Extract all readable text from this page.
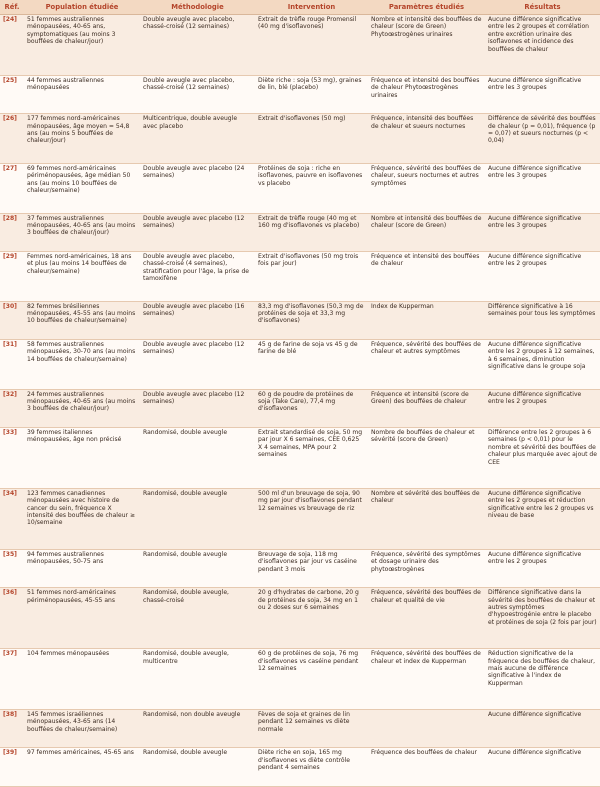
Réf.	Population étudiée	Méthodologie	Intervention	Paramètres étudiés	Résultats
[24]	51 femmes australiennes ménopausées, 40-65 ans, symptomatiques (au moins 3 bouffées de chaleur/jour)	Double aveugle avec placebo, chassé-croisé (12 semaines)	Extrait de trèfle rouge Promensil (40 mg d'isoflavones)	Nombre et intensité des bouffées de chaleur (score de Green) Phytoœstrogènes urinaires	Aucune différence significative entre les 2 groupes et corrélation entre excrétion urinaire des isoflavones et incidence des bouffées de chaleur
[25]	44 femmes australiennes ménopausées	Double aveugle avec placebo, chassé-croisé (12 semaines)	Diète riche : soja (53 mg), graines de lin, blé (placebo)	Fréquence et intensité des bouffées de chaleur Phytoœstrogènes urinaires	Aucune différence significative entre les 3 groupes
[26]	177 femmes nord-américaines ménopausées, âge moyen = 54,8 ans (au moins 5 bouffées de chaleur/jour)	Multicentrique, double aveugle avec placebo	Extrait d'isoflavones (50 mg)	Fréquence, intensité des bouffées de chaleur et sueurs nocturnes	Différence de sévérité des bouffées de chaleur (p = 0,01), fréquence (p = 0,07) et sueurs nocturnes (p < 0,04)
[27]	69 femmes nord-américaines périménopausées, âge médian 50 ans (au moins 10 bouffées de chaleur/semaine)	Double aveugle avec placebo (24 semaines)	Protéines de soja : riche en isoflavones, pauvre en isoflavones vs placebo	Fréquence, sévérité des bouffées de chaleur, sueurs nocturnes et autres symptômes	Aucune différence significative entre les 3 groupes
[28]	37 femmes australiennes ménopausées, 40-65 ans (au moins 3 bouffées de chaleur/jour)	Double aveugle avec placebo (12 semaines)	Extrait de trèfle rouge (40 mg et 160 mg d'isoflavones vs placebo)	Nombre et intensité des bouffées de chaleur (score de Green)	Aucune différence significative entre les 3 groupes
[29]	Femmes nord-américaines, 18 ans et plus (au moins 14 bouffées de chaleur/semaine)	Double aveugle avec placebo, chassé-croisé (4 semaines), stratification pour l'âge, la prise de tamoxifène	Extrait d'isoflavones (50 mg trois fois par jour)	Fréquence et intensité des bouffées de chaleur	Aucune différence significative entre les 2 groupes
[30]	82 femmes brésiliennes ménopausées, 45-55 ans (au moins 10 bouffées de chaleur/semaine)	Double aveugle avec placebo (16 semaines)	83,3 mg d'isoflavones (50,3 mg de protéines de soja et 33,3 mg d'isoflavones)	Index de Kupperman	Différence significative à 16 semaines pour tous les symptômes
[31]	58 femmes australiennes ménopausées, 30-70 ans (au moins 14 bouffées de chaleur/semaine)	Double aveugle avec placebo (12 semaines)	45 g de farine de soja vs 45 g de farine de blé	Fréquence, sévérité des bouffées de chaleur et autres symptômes	Aucune différence significative entre les 2 groupes à 12 semaines, à 6 semaines, diminution significative dans le groupe soja
[32]	24 femmes australiennes ménopausées, 40-65 ans (au moins 3 bouffées de chaleur/jour)	Double aveugle avec placebo (12 semaines)	60 g de poudre de protéines de soja (Take Care), 77,4 mg d'isoflavones	Fréquence et intensité (score de Green) des bouffées de chaleur	Aucune différence significative entre les 2 groupes
[33]	39 femmes italiennes ménopausées, âge non précisé	Randomisé, double aveugle	Extrait standardisé de soja, 50 mg par jour X 6 semaines, CEE 0,625 X 4 semaines, MPA pour 2 semaines	Nombre de bouffées de chaleur et sévérité (score de Green)	Différence entre les 2 groupes à 6 semaines (p < 0,01) pour le nombre et sévérité des bouffées de chaleur plus marquée avec ajout de CEE
[34]	123 femmes canadiennes ménopausées avec histoire de cancer du sein, fréquence X intensité des bouffées de chaleur ≥ 10/semaine	Randomisé, double aveugle	500 ml d'un breuvage de soja, 90 mg par jour d'isoflavones pendant 12 semaines vs breuvage de riz	Nombre et sévérité des bouffées de chaleur	Aucune différence significative entre les 2 groupes et réduction significative entre les 2 groupes vs niveau de base
[35]	94 femmes australiennes ménopausées, 50-75 ans	Randomisé, double aveugle	Breuvage de soja, 118 mg d'isoflavones par jour vs caséine pendant 3 mois	Fréquence, sévérité des symptômes et dosage urinaire des phytoœstrogènes	Aucune différence significative entre les 2 groupes
[36]	51 femmes nord-américaines périménopausées, 45-55 ans	Randomisé, double aveugle, chassé-croisé	20 g d'hydrates de carbone, 20 g de protéines de soja, 34 mg en 1 ou 2 doses sur 6 semaines	Fréquence, sévérité des bouffées de chaleur et qualité de vie	Différence significative dans la sévérité des bouffées de chaleur et autres symptômes d'hypoestrogénie entre le placebo et protéines de soja (2 fois par jour)
[37]	104 femmes ménopausées	Randomisé, double aveugle, multicentre	60 g de protéines de soja, 76 mg d'isoflavones vs caséine pendant 12 semaines	Fréquence, sévérité des bouffées de chaleur et index de Kupperman	Réduction significative de la fréquence des bouffées de chaleur, mais aucune de différence significative à l'index de Kupperman
[38]	145 femmes israéliennes ménopausées, 43-65 ans (14 bouffées de chaleur/semaine)	Randomisé, non double aveugle	Fèves de soja et graines de lin pendant 12 semaines vs diète normale		Aucune différence significative
[39]	97 femmes américaines, 45-65 ans	Randomisé, double aveugle	Diète riche en soja, 165 mg d'isoflavones vs diète contrôle pendant 4 semaines	Fréquence des bouffées de chaleur	Aucune différence significative
